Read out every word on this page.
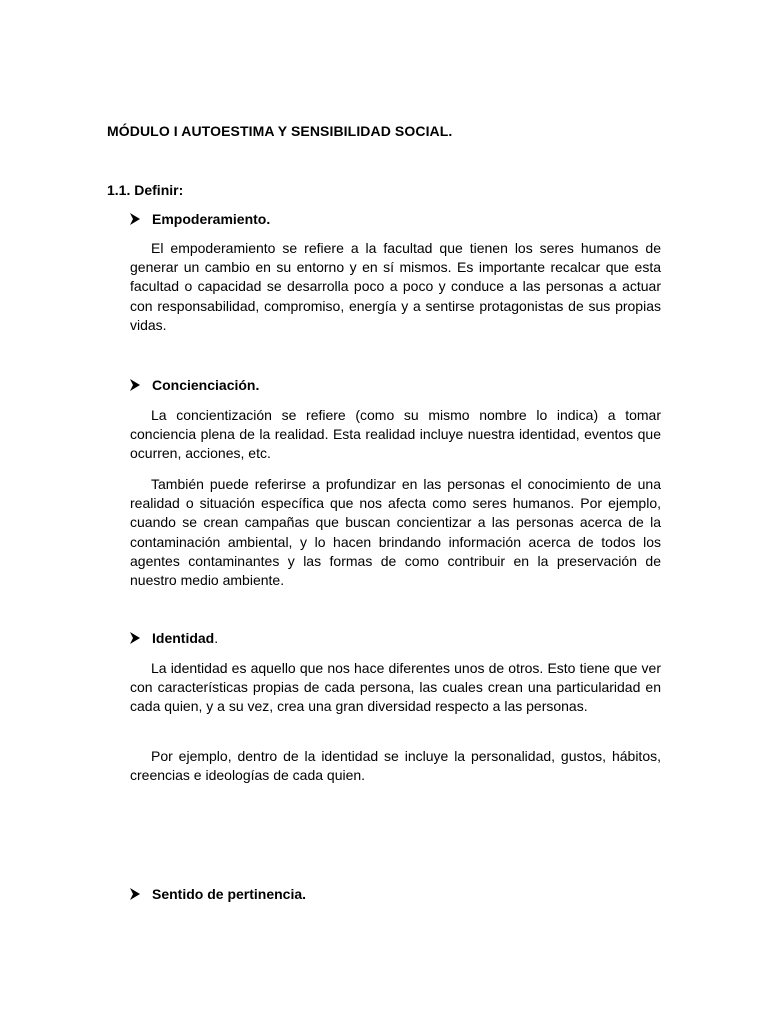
MÓDULO I AUTOESTIMA Y SENSIBILIDAD SOCIAL.
1.1. Definir:
Empoderamiento.

El empoderamiento se refiere a la facultad que tienen los seres humanos de generar un cambio en su entorno y en sí mismos. Es importante recalcar que esta facultad o capacidad se desarrolla poco a poco y conduce a las personas a actuar con responsabilidad, compromiso, energía y a sentirse protagonistas de sus propias vidas.

Concienciación.

La concientización se refiere (como su mismo nombre lo indica) a tomar conciencia plena de la realidad. Esta realidad incluye nuestra identidad, eventos que ocurren, acciones, etc.

También puede referirse a profundizar en las personas el conocimiento de una realidad o situación específica que nos afecta como seres humanos. Por ejemplo, cuando se crean campañas que buscan concientizar a las personas acerca de la contaminación ambiental, y lo hacen brindando información acerca de todos los agentes contaminantes y las formas de como contribuir en la preservación de nuestro medio ambiente.

Identidad .

La identidad es aquello que nos hace diferentes unos de otros. Esto tiene que ver con características propias de cada persona, las cuales crean una particularidad en cada quien, y a su vez, crea una gran diversidad respecto a las personas.

Por ejemplo, dentro de la identidad se incluye la personalidad, gustos, hábitos, creencias e ideologías de cada quien.

Sentido de pertinencia.
